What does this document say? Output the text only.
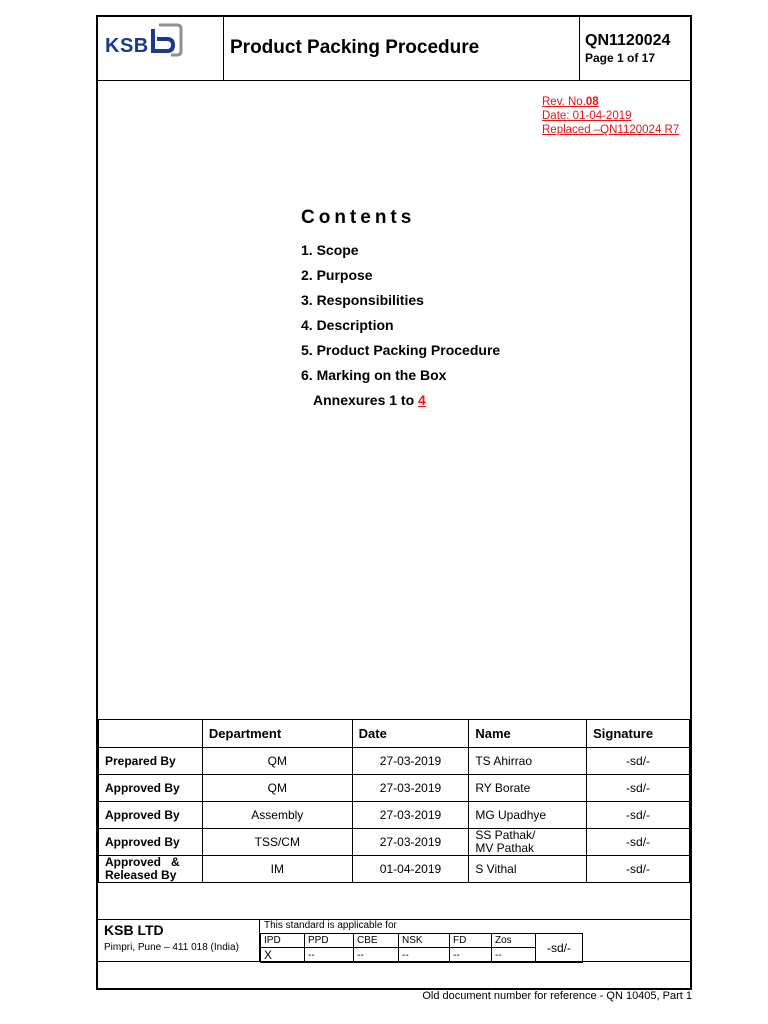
KSB	Product Packing Procedure	QN1120024
Page 1 of 17
Rev. No.08
Date: 01-04-2019
Replaced –QN1120024 R7
Contents
1. Scope
2. Purpose
3. Responsibilities
4. Description
5. Product Packing Procedure
6. Marking on the Box
Annexures 1 to 4
	Department	Date	Name	Signature
Prepared By	QM	27-03-2019	TS Ahirrao	-sd/-
Approved By	QM	27-03-2019	RY Borate	-sd/-
Approved By	Assembly	27-03-2019	MG Upadhye	-sd/-
Approved By	TSS/CM	27-03-2019	SS Pathak/
MV Pathak	-sd/-

Approved   &
Released By	IM	01-04-2019	S Vithal	-sd/-
KSB LTD
Pimpri, Pune – 411 018 (India)
This standard is applicable for
IPD	PPD	CBE	NSK	FD	Zos	-sd/-
X	--	--	--	--	--	
Old document number for reference - QN 10405, Part 1
